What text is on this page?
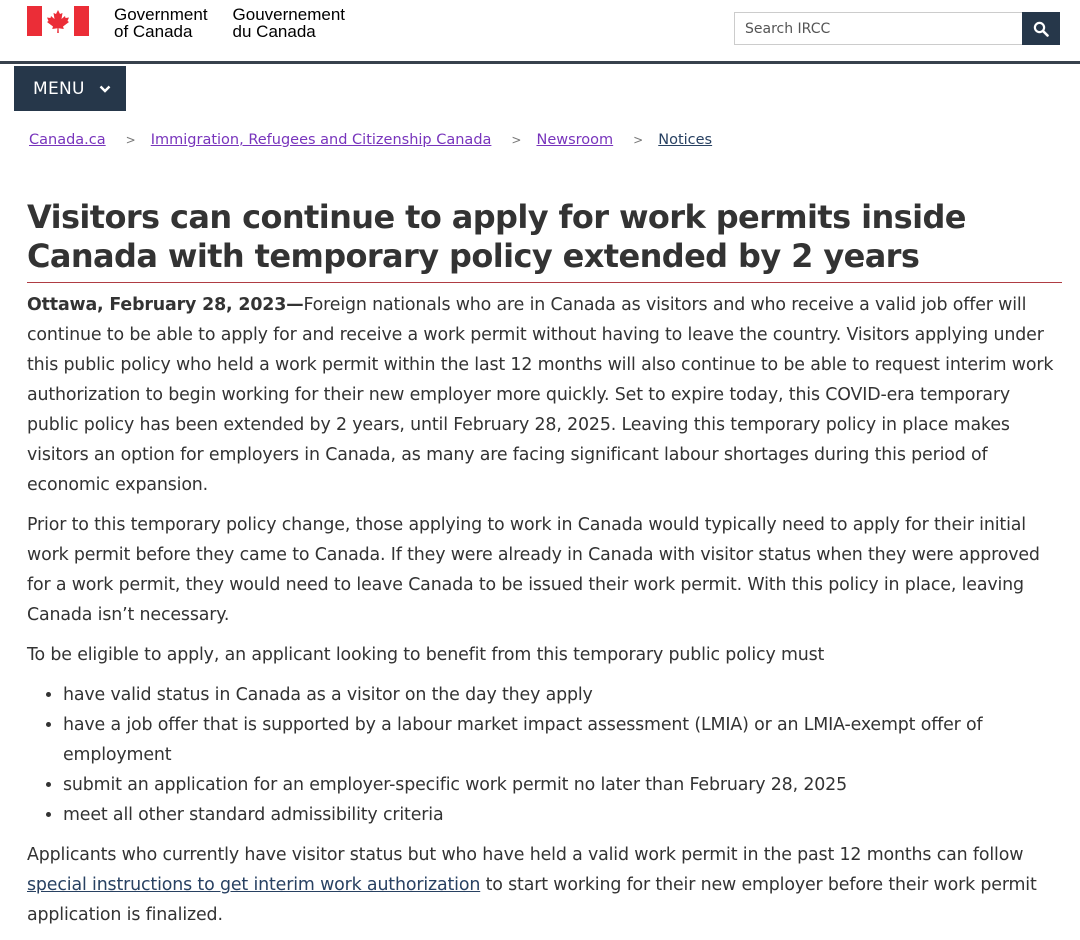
Government
of Canada
Gouvernement
du Canada
Search IRCC
MENU
Canada.ca > Immigration, Refugees and Citizenship Canada > Newsroom > Notices
Visitors can continue to apply for work permits inside Canada with temporary policy extended by 2 years

Ottawa, February 28, 2023—Foreign nationals who are in Canada as visitors and who receive a valid job offer will continue to be able to apply for and receive a work permit without having to leave the country. Visitors applying under this public policy who held a work permit within the last 12 months will also continue to be able to request interim work authorization to begin working for their new employer more quickly. Set to expire today, this COVID-era temporary public policy has been extended by 2 years, until February 28, 2025. Leaving this temporary policy in place makes visitors an option for employers in Canada, as many are facing significant labour shortages during this period of economic expansion.

Prior to this temporary policy change, those applying to work in Canada would typically need to apply for their initial work permit before they came to Canada. If they were already in Canada with visitor status when they were approved for a work permit, they would need to leave Canada to be issued their work permit. With this policy in place, leaving Canada isn’t necessary.

To be eligible to apply, an applicant looking to benefit from this temporary public policy must

• have valid status in Canada as a visitor on the day they apply
• have a job offer that is supported by a labour market impact assessment (LMIA) or an LMIA-exempt offer of employment
• submit an application for an employer-specific work permit no later than February 28, 2025
• meet all other standard admissibility criteria

Applicants who currently have visitor status but who have held a valid work permit in the past 12 months can follow special instructions to get interim work authorization to start working for their new employer before their work permit application is finalized.
